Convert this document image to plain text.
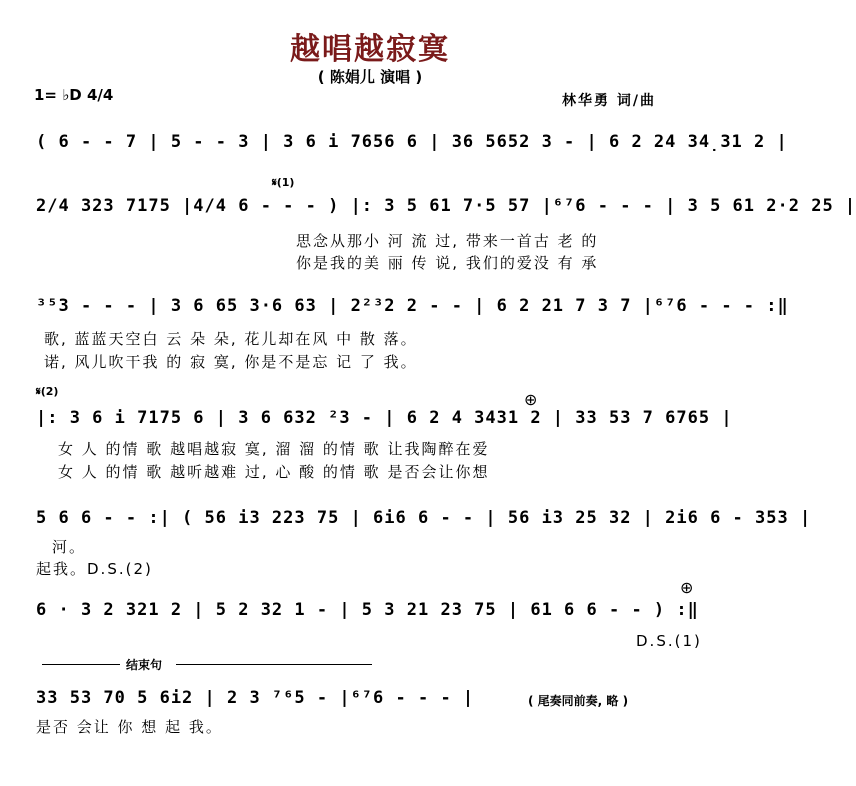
越唱越寂寞
( 陈娟儿 演唱 )
1= ♭D 4/4	林华勇 词/曲
( 6 - - 7 | 5 - - 3 | 3 6 i 7656 6 | 36 5652 3 - | 6 2 24 34̣31 2 |
𝄋(1)
2/4 323 7175 |4/4 6 - - - ) |: 3 5 61 7·5 57 |⁶⁷6 - - - | 3 5 61 2·2 25 |
思念从那小 河 流 过, 带来一首古 老 的
你是我的美 丽 传 说, 我们的爱没 有 承
³⁵3 - - - | 3 6 65 3·6 63 | 2²³2 2 - - | 6 2 21 7 3 7 |⁶⁷6 - - - :‖
歌, 蓝蓝天空白 云 朵 朵, 花儿却在风 中 散 落。
诺, 风儿吹干我 的 寂 寞, 你是不是忘 记 了 我。
𝄋(2)	⊕
|: 3 6 i 7175 6 | 3 6 632 ²3 - | 6 2 4 3431 2 | 33 53 7 6765 |
女 人 的情 歌 越唱越寂 寞, 溜 溜 的情 歌 让我陶醉在爱
女 人 的情 歌 越听越难 过, 心 酸 的情 歌 是否会让你想
5 6 6 - - :| ( 56 i3 223 75 | 6i6 6 - - | 56 i3 25 32 | 2i6 6 - 353 |
河。
起我。D.S.(2)
⊕
6 · 3 2 321 2 | 5 2 32 1 - | 5 3 21 23 75 | 61 6 6 - - ) :‖
D.S.(1)
结束句
33 53 70 5 6i2 | 2 3 ⁷⁶5 - |⁶⁷6 - - - |	( 尾奏同前奏, 略 )
是否 会让 你 想 起 我。
